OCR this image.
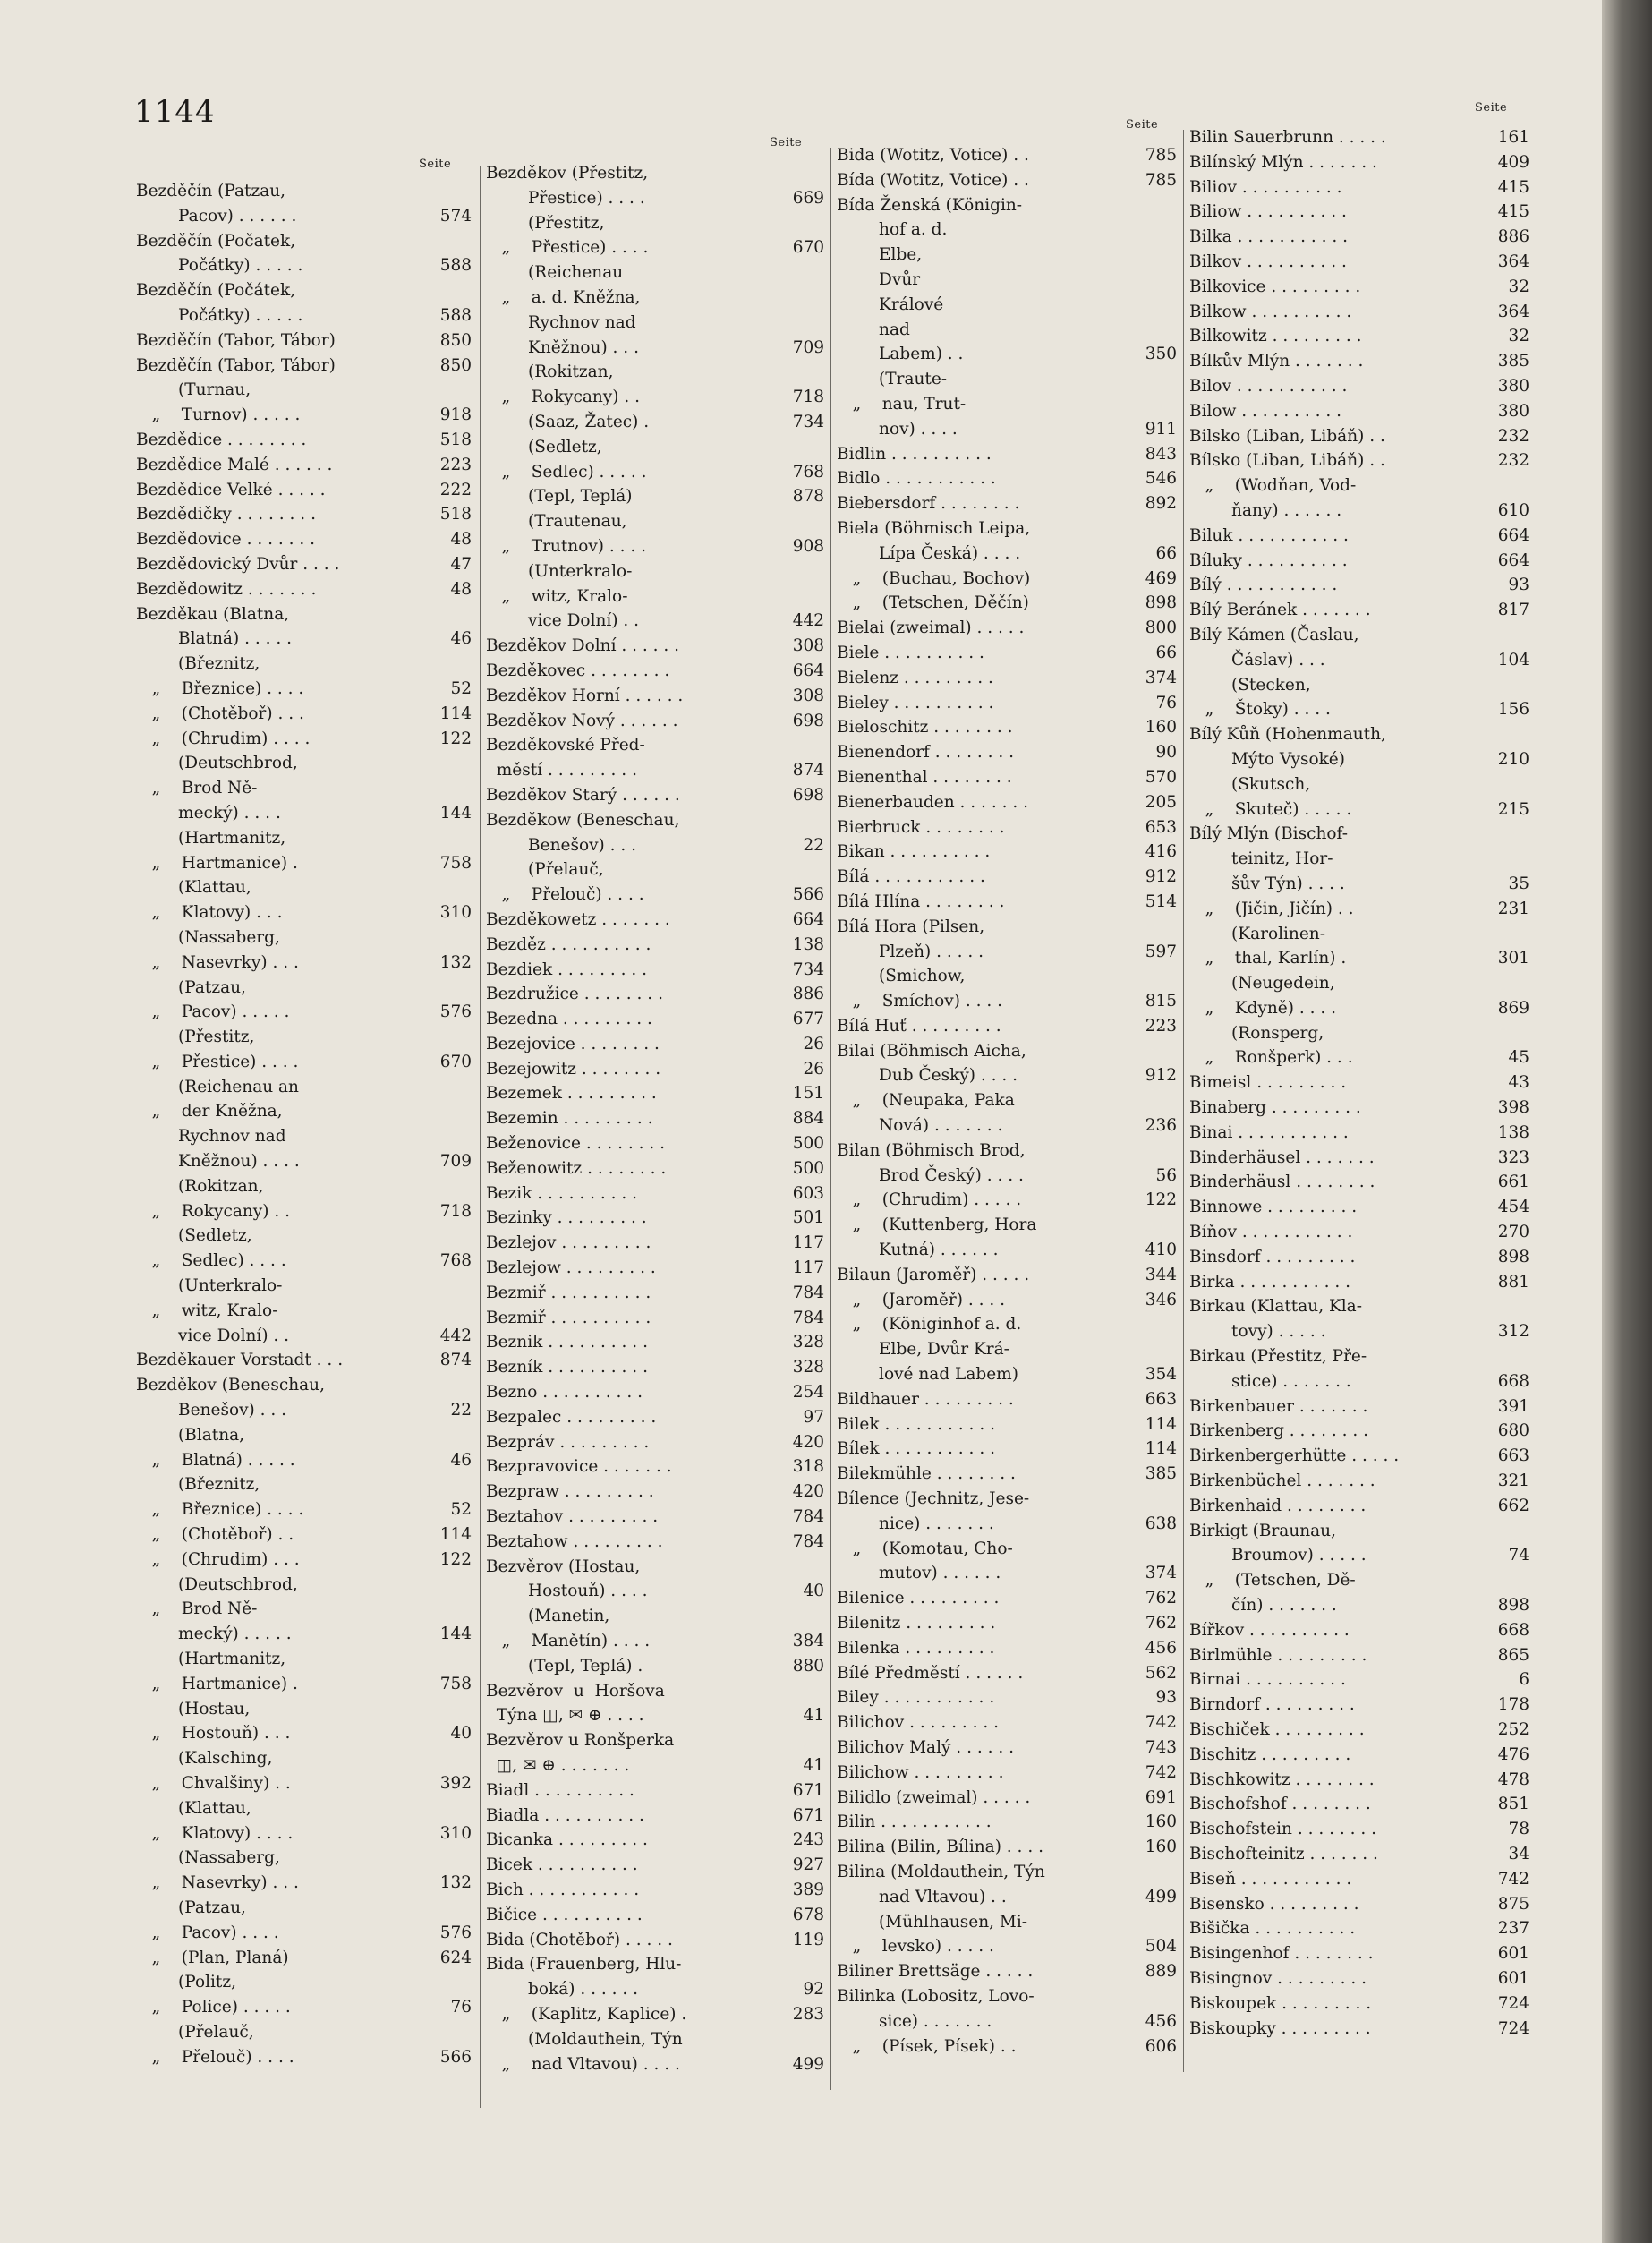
1144
Seite
Seite
Seite
Seite
Bezděčín (Patzau,
Pacov) . . . . . .	574
Bezděčín (Počatek,
Počátky) . . . . .	588
Bezděčín (Počátek,
Počátky) . . . . .	588
Bezděčín (Tabor, Tábor)	850
Bezděčín (Tabor, Tábor)	850
(Turnau,
„    Turnov) . . . . .	918
Bezdědice . . . . . . . .	518
Bezdědice Malé . . . . . .	223
Bezdědice Velké . . . . .	222
Bezdědičky . . . . . . . .	518
Bezdědovice . . . . . . .	48
Bezdědovický Dvůr . . . .	47
Bezdědowitz . . . . . . .	48
Bezděkau (Blatna,
Blatná) . . . . .	46
(Březnitz,
„    Březnice) . . . .	52
„    (Chotěboř) . . .	114
„    (Chrudim) . . . .	122
(Deutschbrod,
„    Brod Ně-
mecký) . . . .	144
(Hartmanitz,
„    Hartmanice) .	758
(Klattau,
„    Klatovy) . . .	310
(Nassaberg,
„    Nasevrky) . . .	132
(Patzau,
„    Pacov) . . . . .	576
(Přestitz,
„    Přestice) . . . .	670
(Reichenau an
„    der Kněžna,
Rychnov nad
Kněžnou) . . . .	709
(Rokitzan,
„    Rokycany) . .	718
(Sedletz,
„    Sedlec) . . . .	768
(Unterkralo-
„    witz, Kralo-
vice Dolní) . .	442
Bezděkauer Vorstadt . . .	874
Bezděkov (Beneschau,
Benešov) . . .	22
(Blatna,
„    Blatná) . . . . .	46
(Březnitz,
„    Březnice) . . . .	52
„    (Chotěboř) . .	114
„    (Chrudim) . . .	122
(Deutschbrod,
„    Brod Ně-
mecký) . . . . .	144
(Hartmanitz,
„    Hartmanice) .	758
(Hostau,
„    Hostouň) . . .	40
(Kalsching,
„    Chvalšiny) . .	392
(Klattau,
„    Klatovy) . . . .	310
(Nassaberg,
„    Nasevrky) . . .	132
(Patzau,
„    Pacov) . . . .	576
„    (Plan, Planá)	624
(Politz,
„    Police) . . . . .	76
(Přelauč,
„    Přelouč) . . . .	566
Bezděkov (Přestitz,
Přestice) . . . .	669
(Přestitz,
„    Přestice) . . . .	670
(Reichenau
„    a. d. Kněžna,
Rychnov nad
Kněžnou) . . .	709
(Rokitzan,
„    Rokycany) . .	718
(Saaz, Žatec) .	734
(Sedletz,
„    Sedlec) . . . . .	768
(Tepl, Teplá)	878
(Trautenau,
„    Trutnov) . . . .	908
(Unterkralo-
„    witz, Kralo-
vice Dolní) . .	442
Bezděkov Dolní . . . . . .	308
Bezděkovec . . . . . . . .	664
Bezděkov Horní . . . . . .	308
Bezděkov Nový . . . . . .	698
Bezděkovské Před-
městí . . . . . . . . .	874
Bezděkov Starý . . . . . .	698
Bezděkow (Beneschau,
Benešov) . . .	22
(Přelauč,
„    Přelouč) . . . .	566
Bezděkowetz . . . . . . .	664
Bezděz . . . . . . . . . .	138
Bezdiek . . . . . . . . .	734
Bezdružice . . . . . . . .	886
Bezedna . . . . . . . . .	677
Bezejovice . . . . . . . .	26
Bezejowitz . . . . . . . .	26
Bezemek . . . . . . . . .	151
Bezemin . . . . . . . . .	884
Beženovice . . . . . . . .	500
Beženowitz . . . . . . . .	500
Bezik . . . . . . . . . .	603
Bezinky . . . . . . . . .	501
Bezlejov . . . . . . . . .	117
Bezlejow . . . . . . . . .	117
Bezmiř . . . . . . . . . .	784
Bezmiř . . . . . . . . . .	784
Beznik . . . . . . . . . .	328
Bezník . . . . . . . . . .	328
Bezno . . . . . . . . . .	254
Bezpalec . . . . . . . . .	97
Bezpráv . . . . . . . . .	420
Bezpravovice . . . . . . .	318
Bezpraw . . . . . . . . .	420
Beztahov . . . . . . . . .	784
Beztahow . . . . . . . . .	784
Bezvěrov (Hostau,
Hostouň) . . . .	40
(Manetin,
„    Manětín) . . . .	384
(Tepl, Teplá) .	880
Bezvěrov  u  Horšova
Týna ◫, ✉ ⊕ . . . .	41
Bezvěrov u Ronšperka
◫, ✉ ⊕ . . . . . . .	41
Biadl . . . . . . . . . .	671
Biadla . . . . . . . . . .	671
Bicanka . . . . . . . . .	243
Bicek . . . . . . . . . .	927
Bich . . . . . . . . . . .	389
Bičice . . . . . . . . . .	678
Bida (Chotěboř) . . . . .	119
Bida (Frauenberg, Hlu-
boká) . . . . . .	92
„    (Kaplitz, Kaplice) .	283
(Moldauthein, Týn
„    nad Vltavou) . . . .	499
Bida (Wotitz, Votice) . .	785
Bída (Wotitz, Votice) . .	785
Bída Ženská (Königin-
hof a. d.
Elbe,
Dvůr
Králové
nad
Labem) . .	350
(Traute-
„    nau, Trut-
nov) . . . .	911
Bidlin . . . . . . . . . .	843
Bidlo . . . . . . . . . . .	546
Biebersdorf . . . . . . . .	892
Biela (Böhmisch Leipa,
Lípa Česká) . . . .	66
„    (Buchau, Bochov)	469
„    (Tetschen, Děčín)	898
Bielai (zweimal) . . . . .	800
Biele . . . . . . . . . .	66
Bielenz . . . . . . . . .	374
Bieley . . . . . . . . . .	76
Bieloschitz . . . . . . . .	160
Bienendorf . . . . . . . .	90
Bienenthal . . . . . . . .	570
Bienerbauden . . . . . . .	205
Bierbruck . . . . . . . .	653
Bikan . . . . . . . . . .	416
Bílá . . . . . . . . . . .	912
Bílá Hlína . . . . . . . .	514
Bílá Hora (Pilsen,
Plzeň) . . . . .	597
(Smichow,
„    Smíchov) . . . .	815
Bílá Huť . . . . . . . . .	223
Bilai (Böhmisch Aicha,
Dub Český) . . . .	912
„    (Neupaka, Paka
Nová) . . . . . . .	236
Bilan (Böhmisch Brod,
Brod Český) . . . .	56
„    (Chrudim) . . . . .	122
„    (Kuttenberg, Hora
Kutná) . . . . . .	410
Bilaun (Jaroměř) . . . . .	344
„    (Jaroměř) . . . .	346
„    (Königinhof a. d.
Elbe, Dvůr Krá-
lové nad Labem)	354
Bildhauer . . . . . . . . .	663
Bilek . . . . . . . . . . .	114
Bílek . . . . . . . . . . .	114
Bilekmühle . . . . . . . .	385
Bílence (Jechnitz, Jese-
nice) . . . . . . .	638
„    (Komotau, Cho-
mutov) . . . . . .	374
Bilenice . . . . . . . . .	762
Bilenitz . . . . . . . . .	762
Bilenka . . . . . . . . .	456
Bílé Předměstí . . . . . .	562
Biley . . . . . . . . . . .	93
Bilichov . . . . . . . . .	742
Bilichov Malý . . . . . .	743
Bilichow . . . . . . . . .	742
Bilidlo (zweimal) . . . . .	691
Bilin . . . . . . . . . . .	160
Bilina (Bilin, Bílina) . . . .	160
Bilina (Moldauthein, Týn
nad Vltavou) . .	499
(Mühlhausen, Mi-
„    levsko) . . . . .	504
Biliner Brettsäge . . . . .	889
Bilinka (Lobositz, Lovo-
sice) . . . . . . .	456
„    (Písek, Písek) . .	606
Bilin Sauerbrunn . . . . .	161
Bilínský Mlýn . . . . . . .	409
Biliov . . . . . . . . . .	415
Biliow . . . . . . . . . .	415
Bilka . . . . . . . . . . .	886
Bilkov . . . . . . . . . .	364
Bilkovice . . . . . . . . .	32
Bilkow . . . . . . . . . .	364
Bilkowitz . . . . . . . . .	32
Bílkův Mlýn . . . . . . .	385
Bilov . . . . . . . . . . .	380
Bilow . . . . . . . . . .	380
Bilsko (Liban, Libáň) . .	232
Bílsko (Liban, Libáň) . .	232
„    (Wodňan, Vod-
ňany) . . . . . .	610
Biluk . . . . . . . . . . .	664
Bíluky . . . . . . . . . .	664
Bílý . . . . . . . . . . .	93
Bílý Beránek . . . . . . .	817
Bílý Kámen (Časlau,
Čáslav) . . .	104
(Stecken,
„    Štoky) . . . .	156
Bílý Kůň (Hohenmauth,
Mýto Vysoké)	210
(Skutsch,
„    Skuteč) . . . . .	215
Bílý Mlýn (Bischof-
teinitz, Hor-
šův Týn) . . . .	35
„    (Jičin, Jičín) . .	231
(Karolinen-
„    thal, Karlín) .	301
(Neugedein,
„    Kdyně) . . . .	869
(Ronsperg,
„    Ronšperk) . . .	45
Bimeisl . . . . . . . . .	43
Binaberg . . . . . . . . .	398
Binai . . . . . . . . . . .	138
Binderhäusel . . . . . . .	323
Binderhäusl . . . . . . . .	661
Binnowe . . . . . . . . .	454
Bíňov . . . . . . . . . . .	270
Binsdorf . . . . . . . . .	898
Birka . . . . . . . . . . .	881
Birkau (Klattau, Kla-
tovy) . . . . .	312
Birkau (Přestitz, Pře-
stice) . . . . . . .	668
Birkenbauer . . . . . . .	391
Birkenberg . . . . . . . .	680
Birkenbergerhütte . . . . .	663
Birkenbüchel . . . . . . .	321
Birkenhaid . . . . . . . .	662
Birkigt (Braunau,
Broumov) . . . . .	74
„    (Tetschen, Dě-
čín) . . . . . . .	898
Bířkov . . . . . . . . . .	668
Birlmühle . . . . . . . . .	865
Birnai . . . . . . . . . .	6
Birndorf . . . . . . . . .	178
Bischiček . . . . . . . . .	252
Bischitz . . . . . . . . .	476
Bischkowitz . . . . . . . .	478
Bischofshof . . . . . . . .	851
Bischofstein . . . . . . . .	78
Bischofteinitz . . . . . . .	34
Biseň . . . . . . . . . . .	742
Bisensko . . . . . . . . .	875
Bišička . . . . . . . . . .	237
Bisingenhof . . . . . . . .	601
Bisingnov . . . . . . . . .	601
Biskoupek . . . . . . . . .	724
Biskoupky . . . . . . . . .	724
